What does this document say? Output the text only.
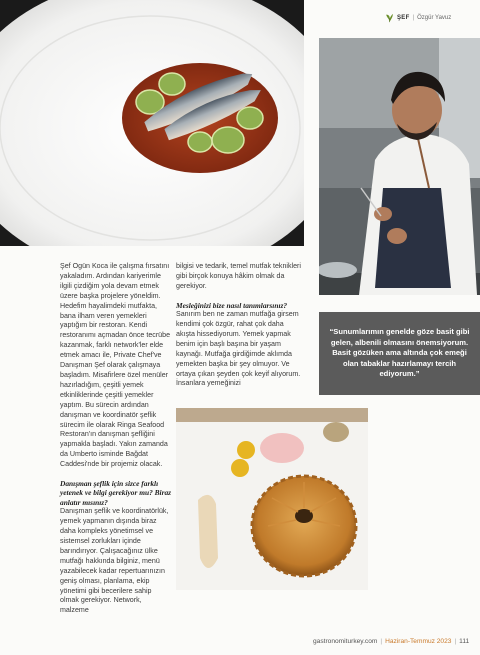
ŞEF | Özgür Yavuz

Şef Ogün Koca ile çalışma fırsatını yakaladım. Ardından kariyerimle ilgili çizdiğim yola devam etmek üzere başka projelere yöneldim. Hedefim hayalimdeki mutfakta, bana ilham veren yemekleri yaptığım bir restoran. Kendi restoranımı açmadan önce tecrübe kazanmak, farklı network'ler elde etmek amacı ile, Private Chef've Danışman Şef olarak çalışmaya başladım. Misafirlere özel menüler hazırladığım, çeşitli yemek etkinliklerinde çeşitli yemekler yaptım. Bu sürecin ardından danışman ve koordinatör şeflik sürecim ile olarak Ringa Seafood Restoran'ın danışman şefliğini yapmakla başladı. Yakın zamanda da Umberto isminde Bağdat Caddesi'nde bir projemiz olacak.

Danışman şeflik için sizce farklı yetenek ve bilgi gerekiyor mu? Biraz anlatır mısınız?

Danışman şeflik ve koordinatörlük, yemek yapmanın dışında biraz daha kompleks yönetimsel ve sistemsel zorlukları içinde barındırıyor. Çalışacağınız ülke mutfağı hakkında bilginiz, menü yazabilecek kadar repertuarınızın geniş olması, planlama, ekip yönetimi gibi becerilere sahip olmak gerekiyor. Network, malzeme

bilgisi ve tedarik, temel mutfak teknikleri gibi birçok konuya hâkim olmak da gerekiyor.

Mesleğinizi bize nasıl tanımlarsınız?

Sanırım ben ne zaman mutfağa girsem kendimi çok özgür, rahat çok daha akışta hissediyorum. Yemek yapmak benim için başlı başına bir yaşam kaynağı. Mutfağa girdiğimde aklımda yemekten başka bir şey olmuyor. Ve ortaya çıkan şeyden çok keyif alıyorum. İnsanlara yemeğinizi

“Sunumlarımın genelde göze basit gibi gelen, albenili olmasını önemsiyorum. Basit gözüken ama altında çok emeği olan tabaklar hazırlamayı tercih ediyorum.”

gastronomiturkey.com | Haziran-Temmuz 2023 | 111
